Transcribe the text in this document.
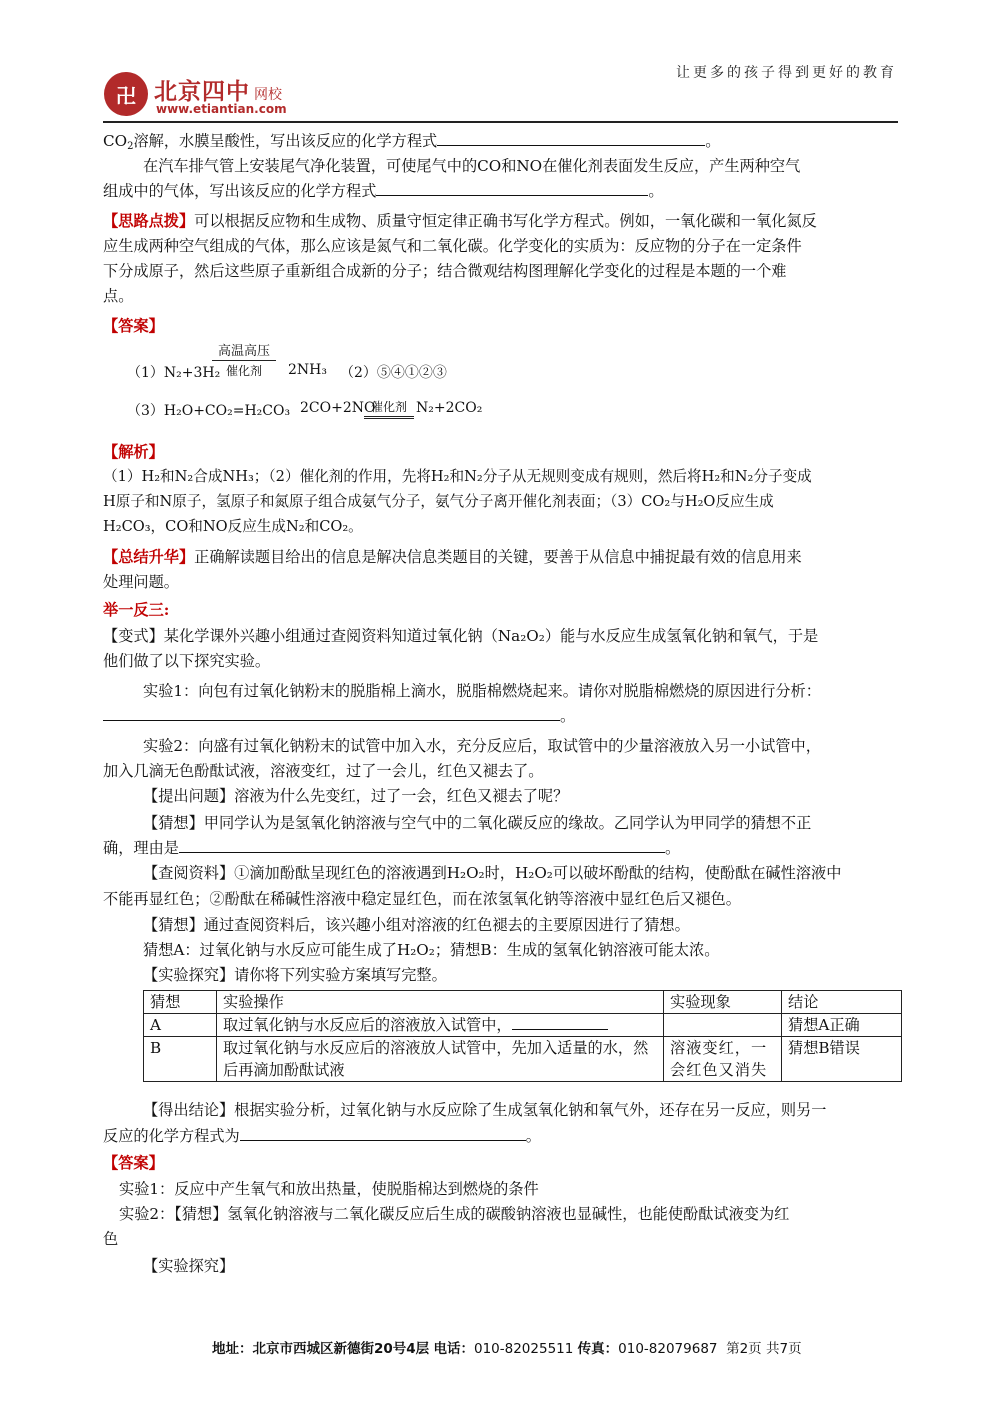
让更多的孩子得到更好的教育
卍 北京四中 网校
www.etiantian.com
$CO_2$溶解，水膜呈酸性，写出该反应的化学方程式	。
在汽车排气管上安装尾气净化装置，可使尾气中的CO和NO在催化剂表面发生反应，产生两种空气
组成中的气体，写出该反应的化学方程式	。
【思路点拨】可以根据反应物和生成物、质量守恒定律正确书写化学方程式。例如，一氧化碳和一氧化氮反
应生成两种空气组成的气体，那么应该是氮气和二氧化碳。化学变化的实质为：反应物的分子在一定条件
下分成原子，然后这些原子重新组合成新的分子；结合微观结构图理解化学变化的过程是本题的一个难
点。
【答案】
（1）N₂+3H₂
高温高压
催化剂	2NH₃ （2）⑤④①②③
（3）H₂O+CO₂=H₂CO₃ 2CO+2NO
催化剂 N₂+2CO₂
【解析】
（1）H₂和N₂合成NH₃；（2）催化剂的作用，先将H₂和N₂分子从无规则变成有规则，然后将H₂和N₂分子变成
H原子和N原子，氢原子和氮原子组合成氨气分子，氨气分子离开催化剂表面；（3）CO₂与H₂O反应生成
H₂CO₃，CO和NO反应生成N₂和CO₂。
【总结升华】正确解读题目给出的信息是解决信息类题目的关键，要善于从信息中捕捉最有效的信息用来
处理问题。
举一反三:
【变式】某化学课外兴趣小组通过查阅资料知道过氧化钠（Na₂O₂）能与水反应生成氢氧化钠和氧气，于是
他们做了以下探究实验。
实验1：向包有过氧化钠粉末的脱脂棉上滴水，脱脂棉燃烧起来。请你对脱脂棉燃烧的原因进行分析：
。
实验2：向盛有过氧化钠粉末的试管中加入水，充分反应后，取试管中的少量溶液放入另一小试管中，
加入几滴无色酚酞试液，溶液变红，过了一会儿，红色又褪去了。
【提出问题】溶液为什么先变红，过了一会，红色又褪去了呢？
【猜想】甲同学认为是氢氧化钠溶液与空气中的二氧化碳反应的缘故。乙同学认为甲同学的猜想不正
确，理由是	。
【查阅资料】①滴加酚酞呈现红色的溶液遇到H₂O₂时，H₂O₂可以破坏酚酞的结构，使酚酞在碱性溶液中
不能再显红色；②酚酞在稀碱性溶液中稳定显红色，而在浓氢氧化钠等溶液中显红色后又褪色。
【猜想】通过查阅资料后，该兴趣小组对溶液的红色褪去的主要原因进行了猜想。
猜想A：过氧化钠与水反应可能生成了H₂O₂；猜想B：生成的氢氧化钠溶液可能太浓。
【实验探究】请你将下列实验方案填写完整。
猜想	实验操作	实验现象	结论
A	取过氧化钠与水反应后的溶液放入试管中，		猜想A正确
B	取过氧化钠与水反应后的溶液放人试管中，先加入适量的水，然后再滴加酚酞试液	溶液变红，一会红色又消失	猜想B错误
【得出结论】根据实验分析，过氧化钠与水反应除了生成氢氧化钠和氧气外，还存在另一反应，则另一
反应的化学方程式为	。
【答案】
实验1：反应中产生氧气和放出热量，使脱脂棉达到燃烧的条件
实验2：【猜想】氢氧化钠溶液与二氧化碳反应后生成的碳酸钠溶液也显碱性，也能使酚酞试液变为红
色
【实验探究】
地址：北京市西城区新德街20号4层 电话：010-82025511 传真：010-82079687 第2页 共7页
